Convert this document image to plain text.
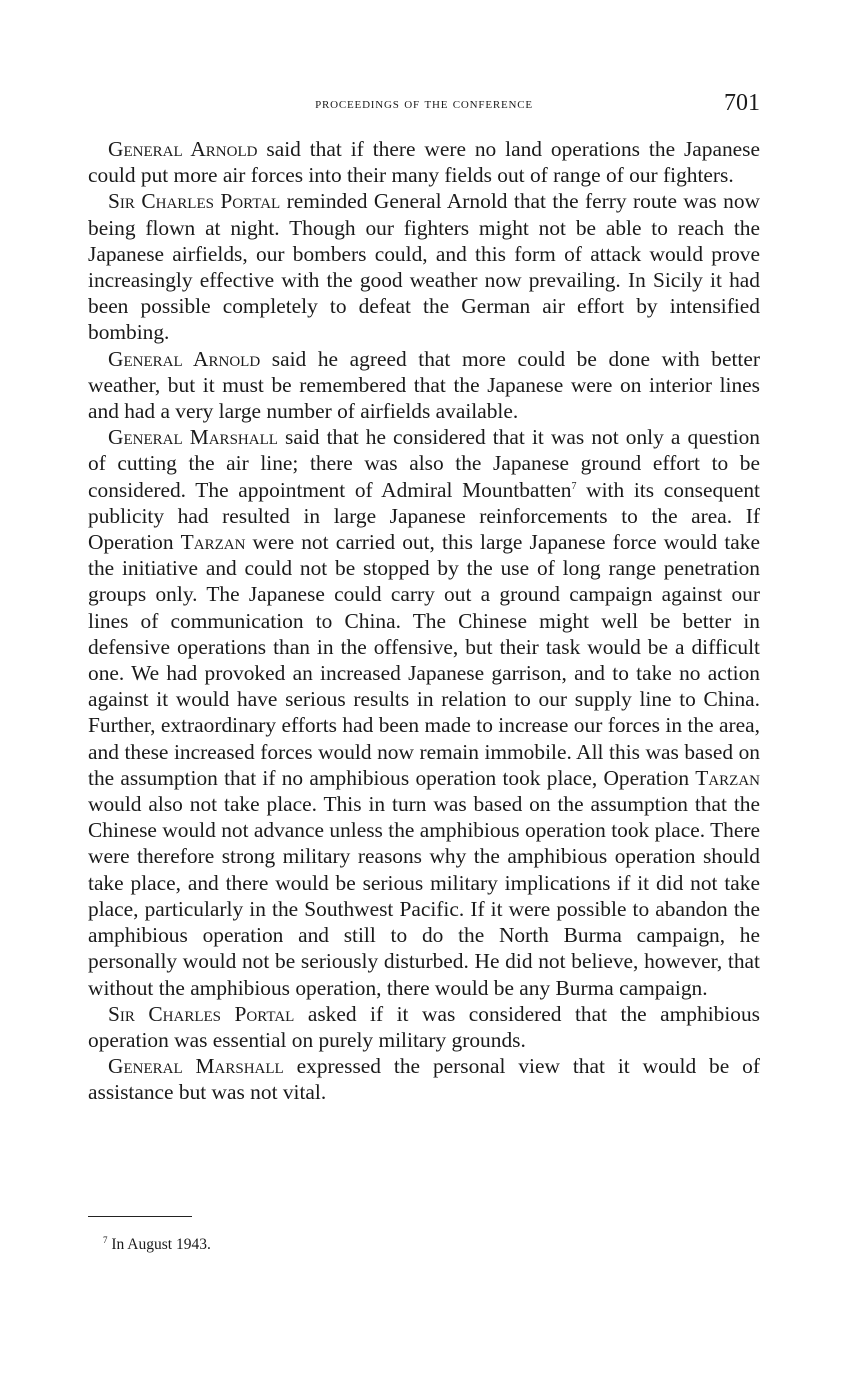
proceedings of the conference	701

General Arnold said that if there were no land operations the Japanese could put more air forces into their many fields out of range of our fighters.

Sir Charles Portal reminded General Arnold that the ferry route was now being flown at night. Though our fighters might not be able to reach the Japanese airfields, our bombers could, and this form of attack would prove increasingly effective with the good weather now prevailing. In Sicily it had been possible completely to defeat the German air effort by intensified bombing.

General Arnold said he agreed that more could be done with better weather, but it must be remembered that the Japanese were on interior lines and had a very large number of airfields available.

General Marshall said that he considered that it was not only a question of cutting the air line; there was also the Japanese ground effort to be considered. The appointment of Admiral Mountbatten$^7$ with its consequent publicity had resulted in large Japanese reinforcements to the area. If Operation Tarzan were not carried out, this large Japanese force would take the initiative and could not be stopped by the use of long range penetration groups only. The Japanese could carry out a ground campaign against our lines of communication to China. The Chinese might well be better in defensive operations than in the offensive, but their task would be a difficult one. We had provoked an increased Japanese garrison, and to take no action against it would have serious results in relation to our supply line to China. Further, extraordinary efforts had been made to increase our forces in the area, and these increased forces would now remain immobile. All this was based on the assumption that if no amphibious operation took place, Operation Tarzan would also not take place. This in turn was based on the assumption that the Chinese would not advance unless the amphibious operation took place. There were therefore strong military reasons why the amphibious operation should take place, and there would be serious military implications if it did not take place, particularly in the Southwest Pacific. If it were possible to abandon the amphibious operation and still to do the North Burma campaign, he personally would not be seriously disturbed. He did not believe, however, that without the amphibious operation, there would be any Burma campaign.

Sir Charles Portal asked if it was considered that the amphibious operation was essential on purely military grounds.

General Marshall expressed the personal view that it would be of assistance but was not vital.

$^7$ In August 1943.
